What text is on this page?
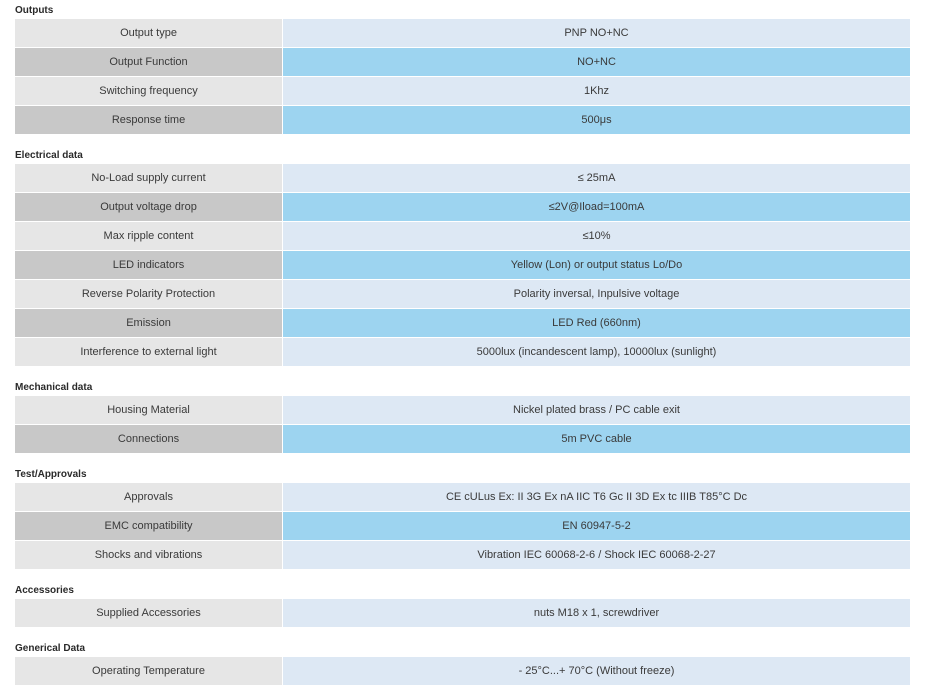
Outputs
Output type	PNP NO+NC
Output Function	NO+NC
Switching frequency	1Khz
Response time	500μs
Electrical data
No-Load supply current	≤ 25mA
Output voltage drop	≤2V@Iload=100mA
Max ripple content	≤10%
LED indicators	Yellow (Lon) or output status Lo/Do
Reverse Polarity Protection	Polarity inversal, Inpulsive voltage
Emission	LED Red (660nm)
Interference to external light	5000lux (incandescent lamp), 10000lux (sunlight)
Mechanical data
Housing Material	Nickel plated brass / PC cable exit
Connections	5m PVC cable
Test/Approvals
Approvals	CE cULus Ex: II 3G Ex nA IIC T6 Gc II 3D Ex tc IIIB T85°C Dc
EMC compatibility	EN 60947-5-2
Shocks and vibrations	Vibration IEC 60068-2-6 / Shock IEC 60068-2-27
Accessories
Supplied Accessories	nuts M18 x 1, screwdriver
Generical Data
Operating Temperature	- 25°C...+ 70°C (Without freeze)
